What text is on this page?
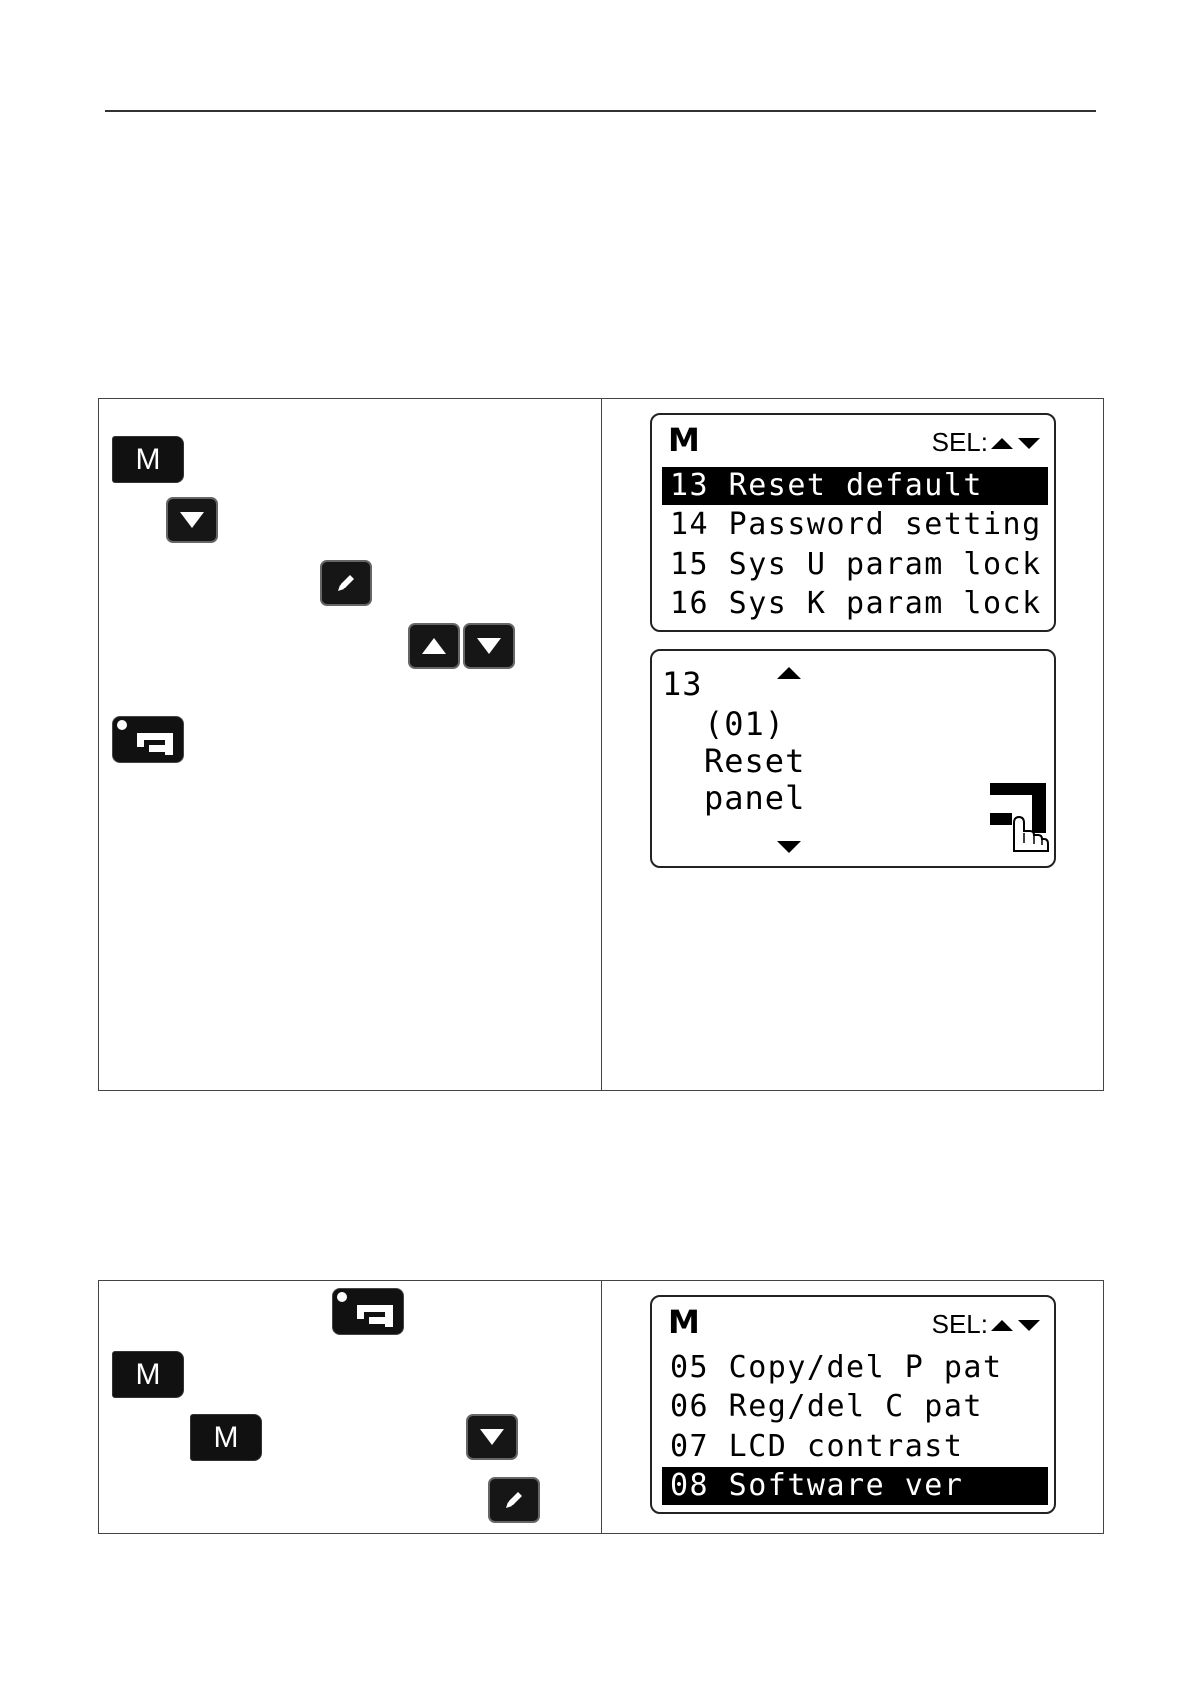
M	M	SEL:
13 Reset default
14 Password setting
15 Sys U param lock
16 Sys K param lock
13
(01)
Reset
panel
M
M
M	SEL:
05 Copy/del P pat
06 Reg/del C pat
07 LCD contrast
08 Software ver
